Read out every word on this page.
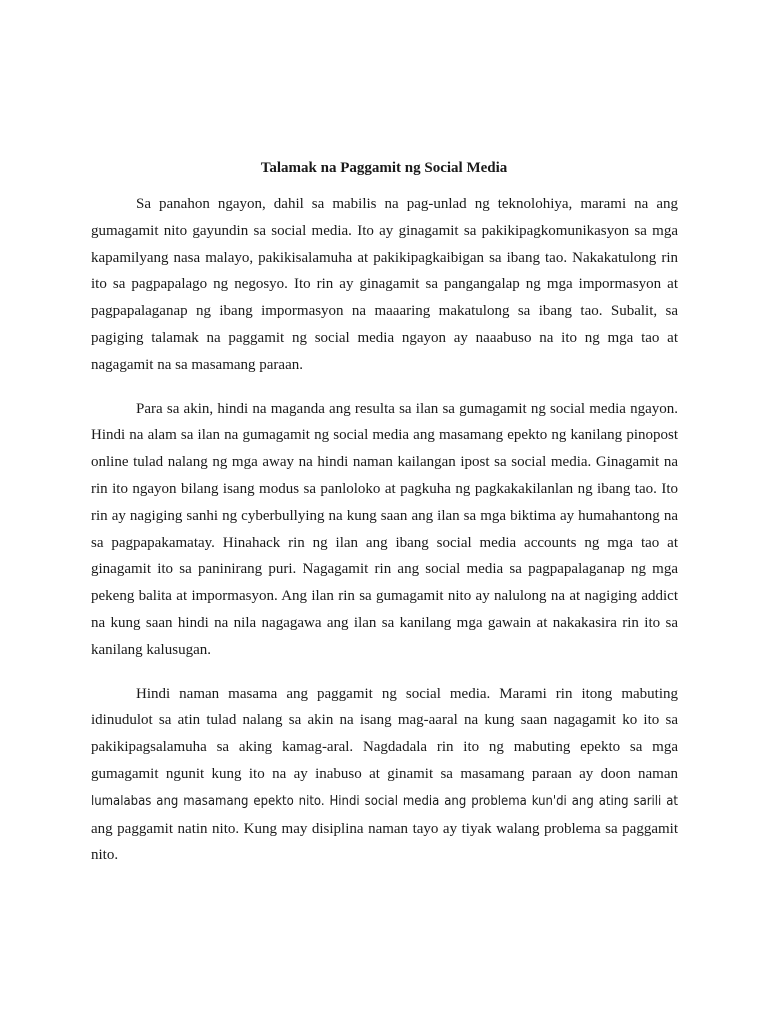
Talamak na Paggamit ng Social Media

Sa panahon ngayon, dahil sa mabilis na pag-unlad ng teknolohiya, marami na ang gumagamit nito gayundin sa social media. Ito ay ginagamit sa pakikipagkomunikasyon sa mga kapamilyang nasa malayo, pakikisalamuha at pakikipagkaibigan sa ibang tao. Nakakatulong rin ito sa pagpapalago ng negosyo. Ito rin ay ginagamit sa pangangalap ng mga impormasyon at pagpapalaganap ng ibang impormasyon na maaaring makatulong sa ibang tao. Subalit, sa pagiging talamak na paggamit ng social media ngayon ay naaabuso na ito ng mga tao at nagagamit na sa masamang paraan.

Para sa akin, hindi na maganda ang resulta sa ilan sa gumagamit ng social media ngayon. Hindi na alam sa ilan na gumagamit ng social media ang masamang epekto ng kanilang pinopost online tulad nalang ng mga away na hindi naman kailangan ipost sa social media. Ginagamit na rin ito ngayon bilang isang modus sa panloloko at pagkuha ng pagkakakilanlan ng ibang tao. Ito rin ay nagiging sanhi ng cyberbullying na kung saan ang ilan sa mga biktima ay humahantong na sa pagpapakamatay. Hinahack rin ng ilan ang ibang social media accounts ng mga tao at ginagamit ito sa paninirang puri. Nagagamit rin ang social media sa pagpapalaganap ng mga pekeng balita at impormasyon. Ang ilan rin sa gumagamit nito ay nalulong na at nagiging addict na kung saan hindi na nila nagagawa ang ilan sa kanilang mga gawain at nakakasira rin ito sa kanilang kalusugan.

Hindi naman masama ang paggamit ng social media. Marami rin itong mabuting idinudulot sa atin tulad nalang sa akin na isang mag-aaral na kung saan nagagamit ko ito sa pakikipagsalamuha sa aking kamag-aral. Nagdadala rin ito ng mabuting epekto sa mga gumagamit ngunit kung ito na ay inabuso at ginamit sa masamang paraan ay doon naman lumalabas ang masamang epekto nito. Hindi social media ang problema kun'di ang ating sarili at ang paggamit natin nito. Kung may disiplina naman tayo ay tiyak walang problema sa paggamit nito.
